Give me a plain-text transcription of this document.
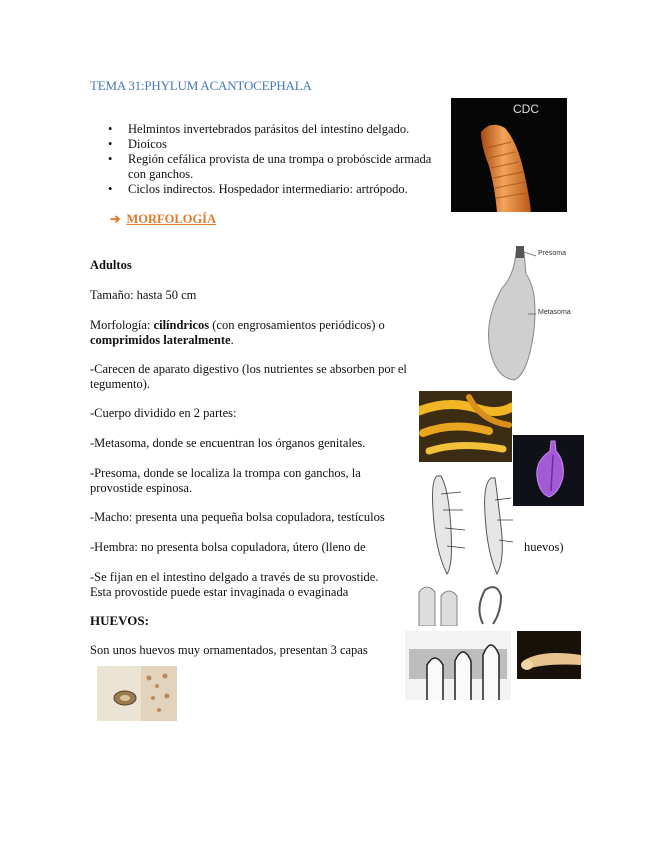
TEMA 31:PHYLUM ACANTOCEPHALA
• Helmintos invertebrados parásitos del intestino delgado.
• Dioicos
• Región cefálica provista de una trompa o probóscide armada con ganchos.
• Ciclos indirectos. Hospedador intermediario: artrópodo.
➔ MORFOLOGÍA
Adultos
Tamaño: hasta 50 cm
Morfología: cilíndricos (con engrosamientos periódicos) o
comprimidos lateralmente.
-Carecen de aparato digestivo (los nutrientes se absorben por el tegumento).
-Cuerpo dividido en 2 partes:
-Metasoma, donde se encuentran los órganos genitales.
-Presoma, donde se localiza la trompa con ganchos, la provostide espinosa.
-Macho: presenta una pequeña bolsa copuladora, testículos
-Hembra: no presenta bolsa copuladora, útero (lleno de	huevos)
-Se fijan en el intestino delgado a través de su provostide. Esta provostide puede estar invaginada o evaginada
HUEVOS:
Son unos huevos muy ornamentados, presentan 3 capas
CDC
Presoma
Metasoma
